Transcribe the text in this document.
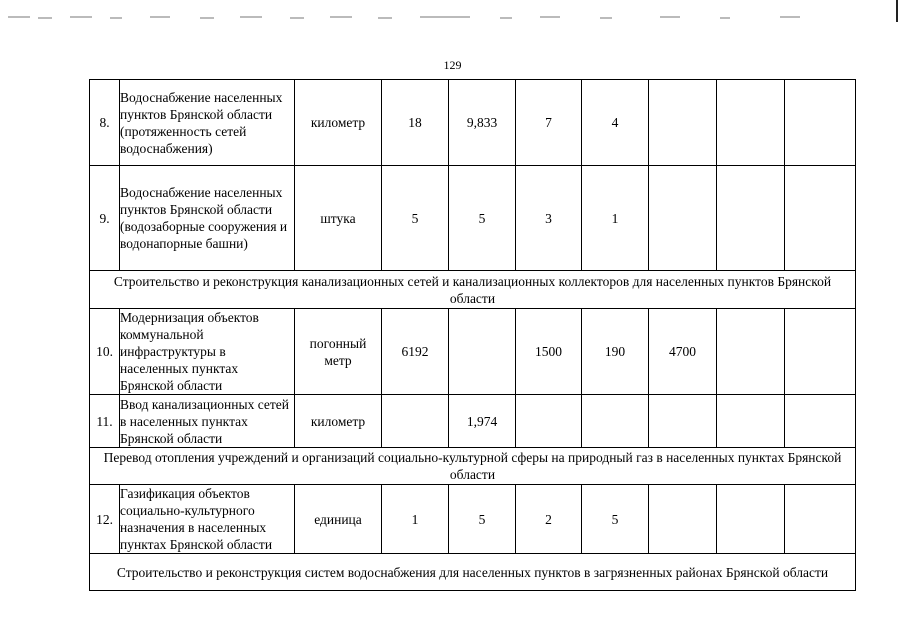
129
8.	Водоснабжение населенных пунктов Брянской области (протяженность сетей водоснабжения)	километр	18	9,833	7	4			
9.	Водоснабжение населенных пунктов Брянской области (водозаборные сооружения и водонапорные башни)	штука	5	5	3	1			
Строительство и реконструкция канализационных сетей и канализационных коллекторов для населенных пунктов Брянской области									
10.	Модернизация объектов коммунальной инфраструктуры в населенных пунктах Брянской области	погонный метр	6192		1500	190	4700		
11.	Ввод канализационных сетей в населенных пунктах Брянской области	километр		1,974					
Перевод отопления учреждений и организаций социально-культурной сферы на природный газ в населенных пунктах Брянской области									
12.	Газификация объектов социально-культурного назначения в населенных пунктах Брянской области	единица	1	5	2	5			
Строительство и реконструкция систем водоснабжения для населенных пунктов в загрязненных районах Брянской области									
